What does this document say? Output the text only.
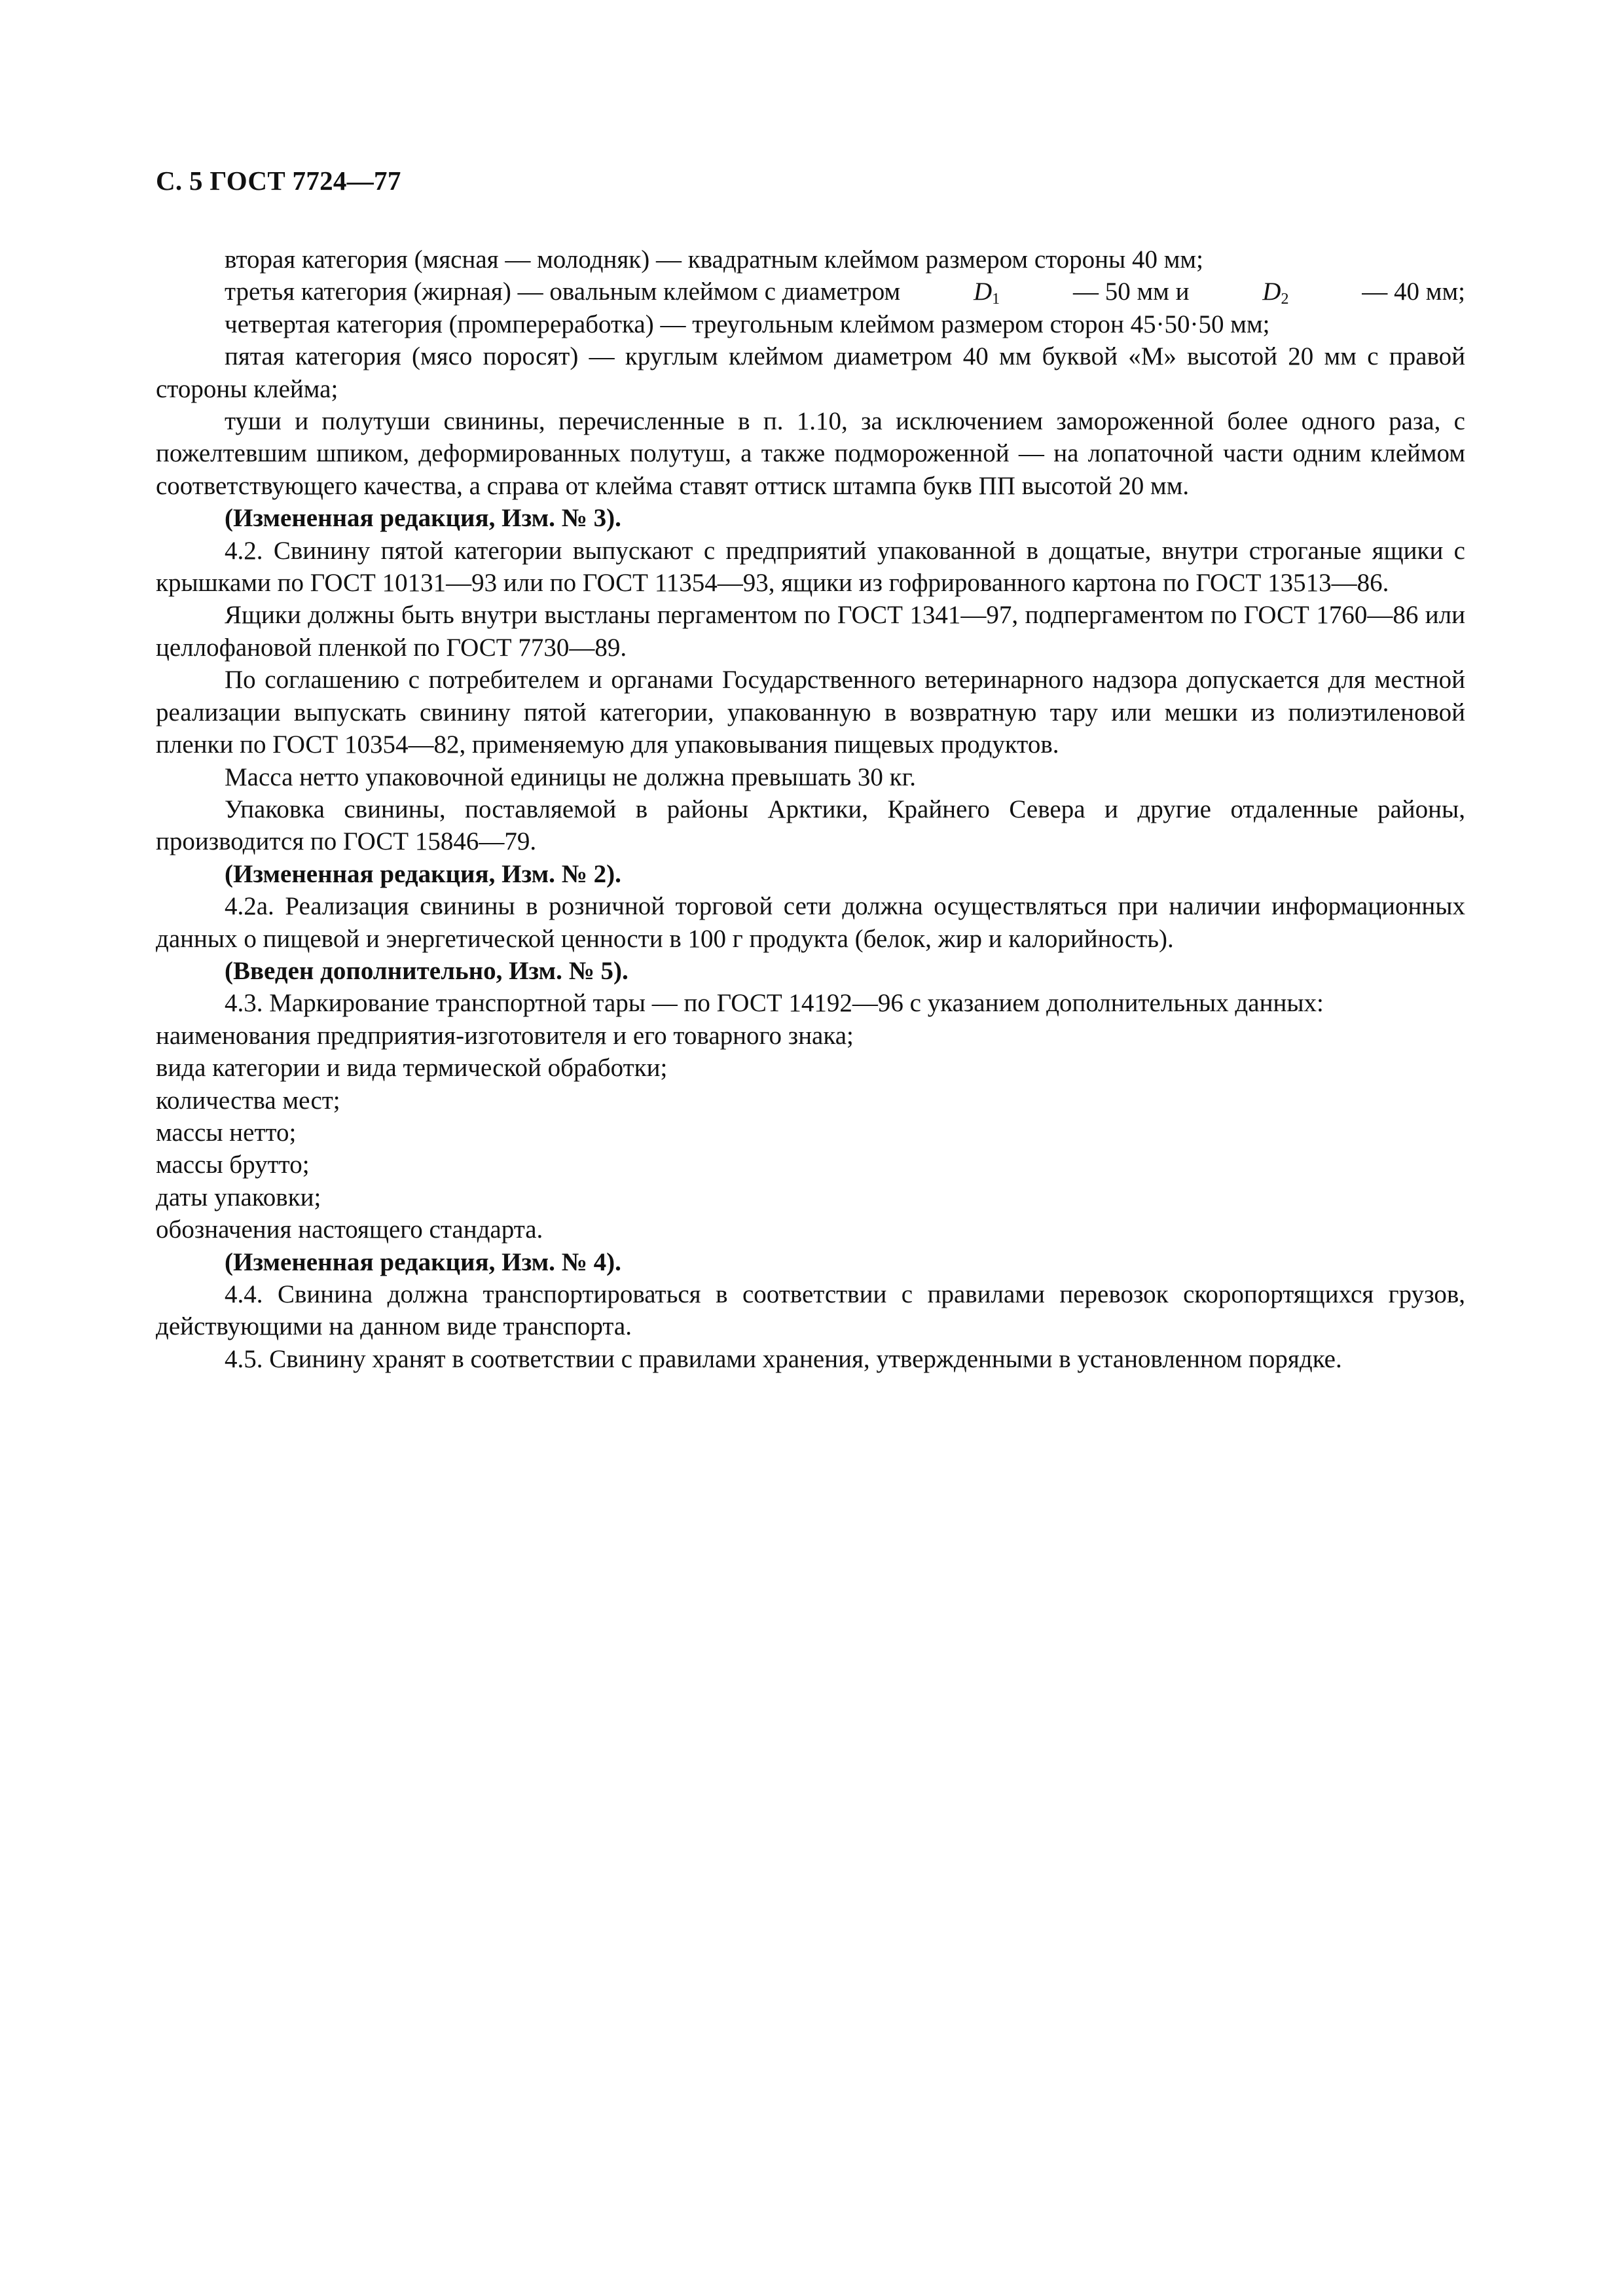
С. 5 ГОСТ 7724—77
вторая категория (мясная — молодняк) — квадратным клеймом размером стороны 40 мм;
третья категория (жирная) — овальным клеймом с диаметром	$D_1$	— 50 мм и	$D_2$	— 40 мм;
четвертая категория (промпереработка) — треугольным клеймом размером сторон 45·50·50 мм;

пятая категория (мясо поросят) — круглым клеймом диаметром 40 мм буквой «М» высотой 20 мм с правой стороны клейма;

туши и полутуши свинины, перечисленные в п. 1.10, за исключением замороженной более одного раза, с пожелтевшим шпиком, деформированных полутуш, а также подмороженной — на лопаточной части одним клеймом соответствующего качества, а справа от клейма ставят оттиск штампа букв ПП высотой 20 мм.

(Измененная редакция, Изм. № 3).

4.2. Свинину пятой категории выпускают с предприятий упакованной в дощатые, внутри строганые ящики с крышками по ГОСТ 10131—93 или по ГОСТ 11354—93, ящики из гофрированного картона по ГОСТ 13513—86.

Ящики должны быть внутри выстланы пергаментом по ГОСТ 1341—97, подпергаментом по ГОСТ 1760—86 или целлофановой пленкой по ГОСТ 7730—89.

По соглашению с потребителем и органами Государственного ветеринарного надзора допускается для местной реализации выпускать свинину пятой категории, упакованную в возвратную тару или мешки из полиэтиленовой пленки по ГОСТ 10354—82, применяемую для упаковывания пищевых продуктов.

Масса нетто упаковочной единицы не должна превышать 30 кг.

Упаковка свинины, поставляемой в районы Арктики, Крайнего Севера и другие отдаленные районы, производится по ГОСТ 15846—79.

(Измененная редакция, Изм. № 2).

4.2а. Реализация свинины в розничной торговой сети должна осуществляться при наличии информационных данных о пищевой и энергетической ценности в 100 г продукта (белок, жир и калорийность).

(Введен дополнительно, Изм. № 5).

4.3. Маркирование транспортной тары — по ГОСТ 14192—96 с указанием дополнительных данных:

наименования предприятия-изготовителя и его товарного знака;

вида категории и вида термической обработки;

количества мест;

массы нетто;

массы брутто;

даты упаковки;

обозначения настоящего стандарта.

(Измененная редакция, Изм. № 4).

4.4. Свинина должна транспортироваться в соответствии с правилами перевозок скоропортящихся грузов, действующими на данном виде транспорта.

4.5. Свинину хранят в соответствии с правилами хранения, утвержденными в установленном порядке.
